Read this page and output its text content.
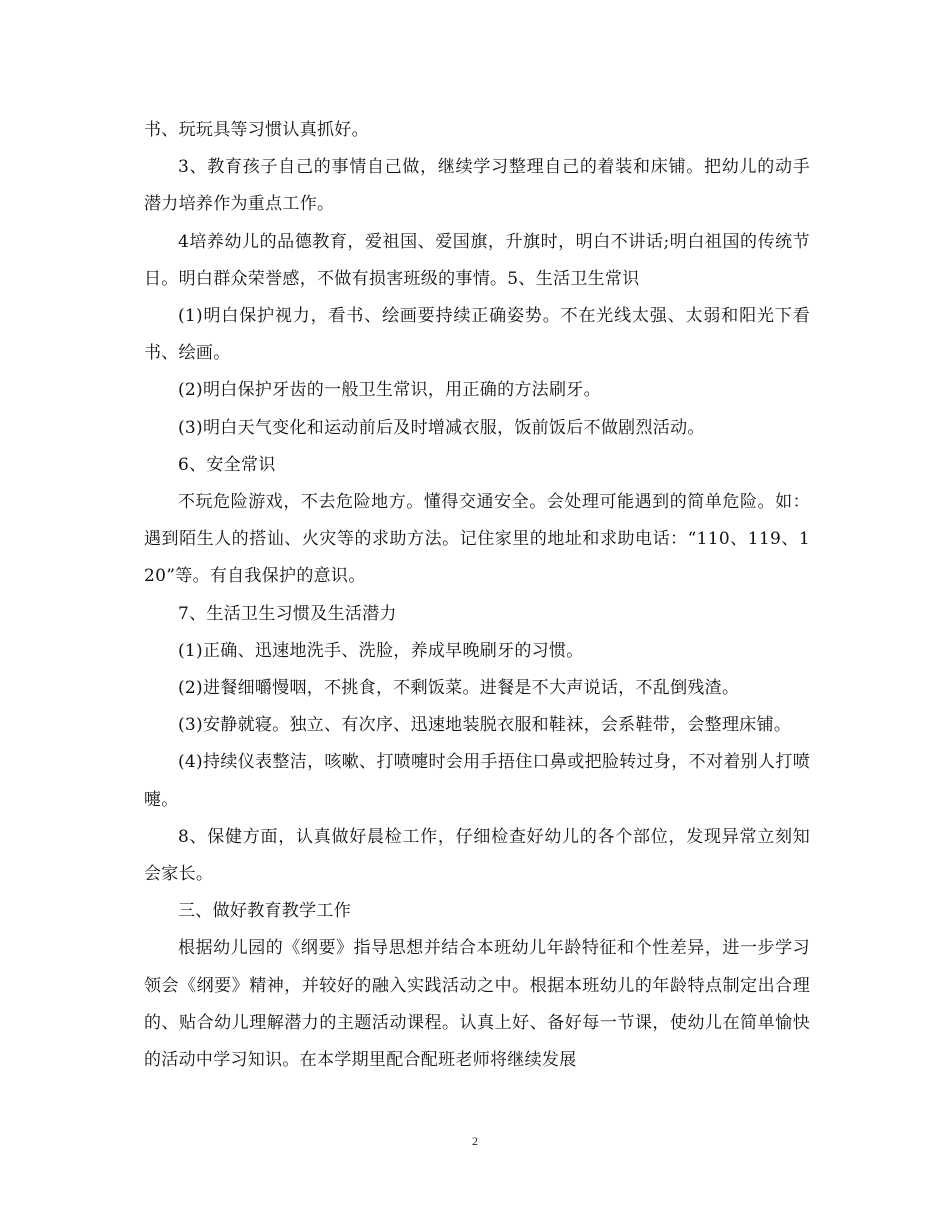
书、玩玩具等习惯认真抓好。

3、教育孩子自己的事情自己做，继续学习整理自己的着装和床铺。把幼儿的动手潜力培养作为重点工作。

4培养幼儿的品德教育，爱祖国、爱国旗，升旗时，明白不讲话;明白祖国的传统节日。明白群众荣誉感，不做有损害班级的事情。5、生活卫生常识

(1)明白保护视力，看书、绘画要持续正确姿势。不在光线太强、太弱和阳光下看书、绘画。

(2)明白保护牙齿的一般卫生常识，用正确的方法刷牙。

(3)明白天气变化和运动前后及时增减衣服，饭前饭后不做剧烈活动。

6、安全常识

不玩危险游戏，不去危险地方。懂得交通安全。会处理可能遇到的简单危险。如：遇到陌生人的搭讪、火灾等的求助方法。记住家里的地址和求助电话：“110、119、120”等。有自我保护的意识。

7、生活卫生习惯及生活潜力

(1)正确、迅速地洗手、洗脸，养成早晚刷牙的习惯。

(2)进餐细嚼慢咽，不挑食，不剩饭菜。进餐是不大声说话，不乱倒残渣。

(3)安静就寝。独立、有次序、迅速地装脱衣服和鞋袜，会系鞋带，会整理床铺。

(4)持续仪表整洁，咳嗽、打喷嚏时会用手捂住口鼻或把脸转过身，不对着别人打喷嚏。

8、保健方面，认真做好晨检工作，仔细检查好幼儿的各个部位，发现异常立刻知会家长。

三、做好教育教学工作

根据幼儿园的《纲要》指导思想并结合本班幼儿年龄特征和个性差异，进一步学习领会《纲要》精神，并较好的融入实践活动之中。根据本班幼儿的年龄特点制定出合理的、贴合幼儿理解潜力的主题活动课程。认真上好、备好每一节课，使幼儿在简单愉快的活动中学习知识。在本学期里配合配班老师将继续发展

2
